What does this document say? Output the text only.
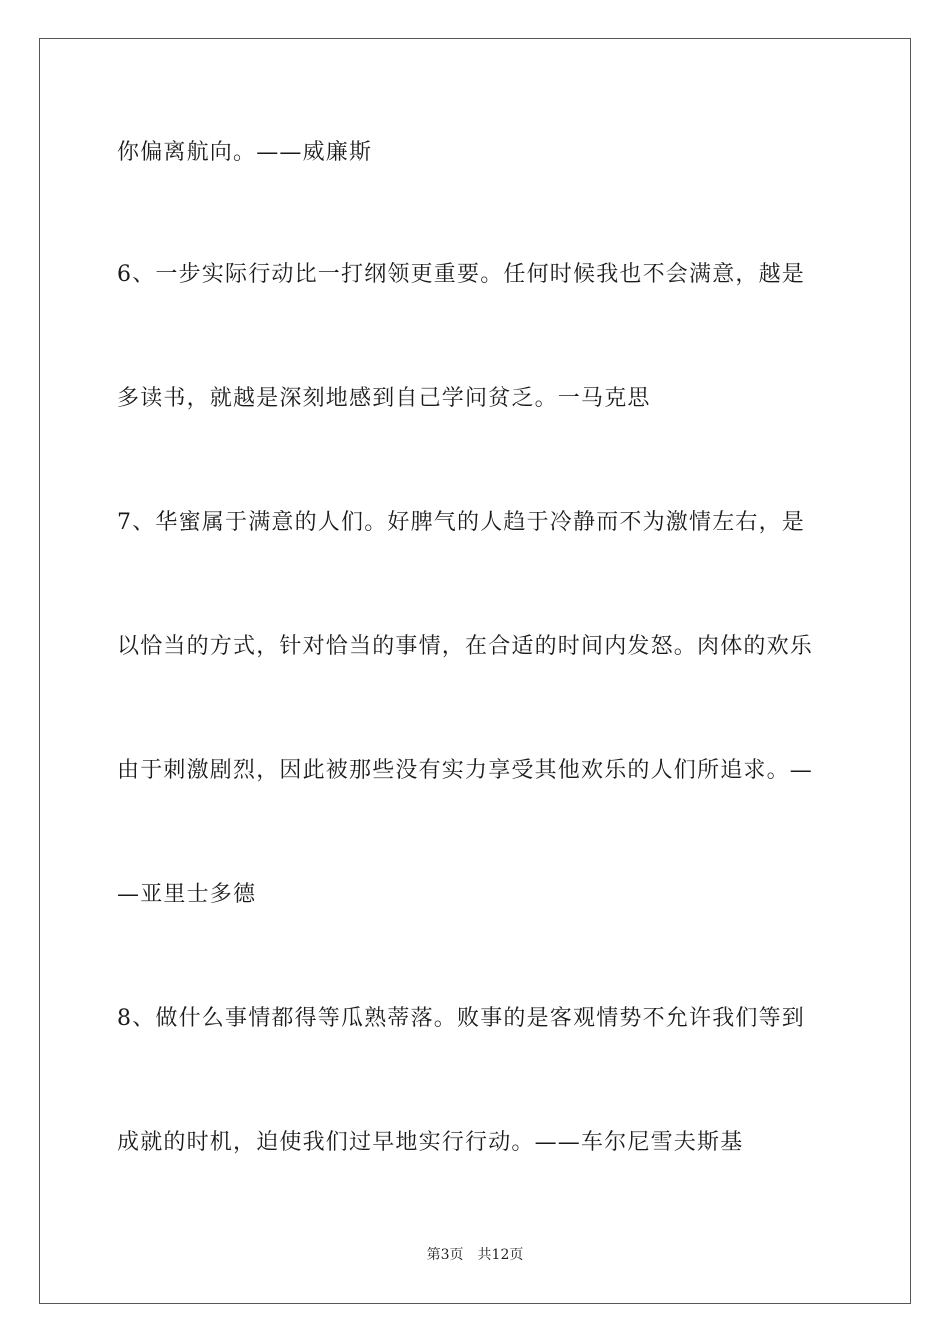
你偏离航向。——威廉斯
6、一步实际行动比一打纲领更重要。任何时候我也不会满意，越是
多读书，就越是深刻地感到自己学问贫乏。一马克思
7、华蜜属于满意的人们。好脾气的人趋于冷静而不为激情左右，是
以恰当的方式，针对恰当的事情，在合适的时间内发怒。肉体的欢乐
由于刺激剧烈，因此被那些没有实力享受其他欢乐的人们所追求。—
—亚里士多德
8、做什么事情都得等瓜熟蒂落。败事的是客观情势不允许我们等到
成就的时机，迫使我们过早地实行行动。——车尔尼雪夫斯基
第3页 共12页
